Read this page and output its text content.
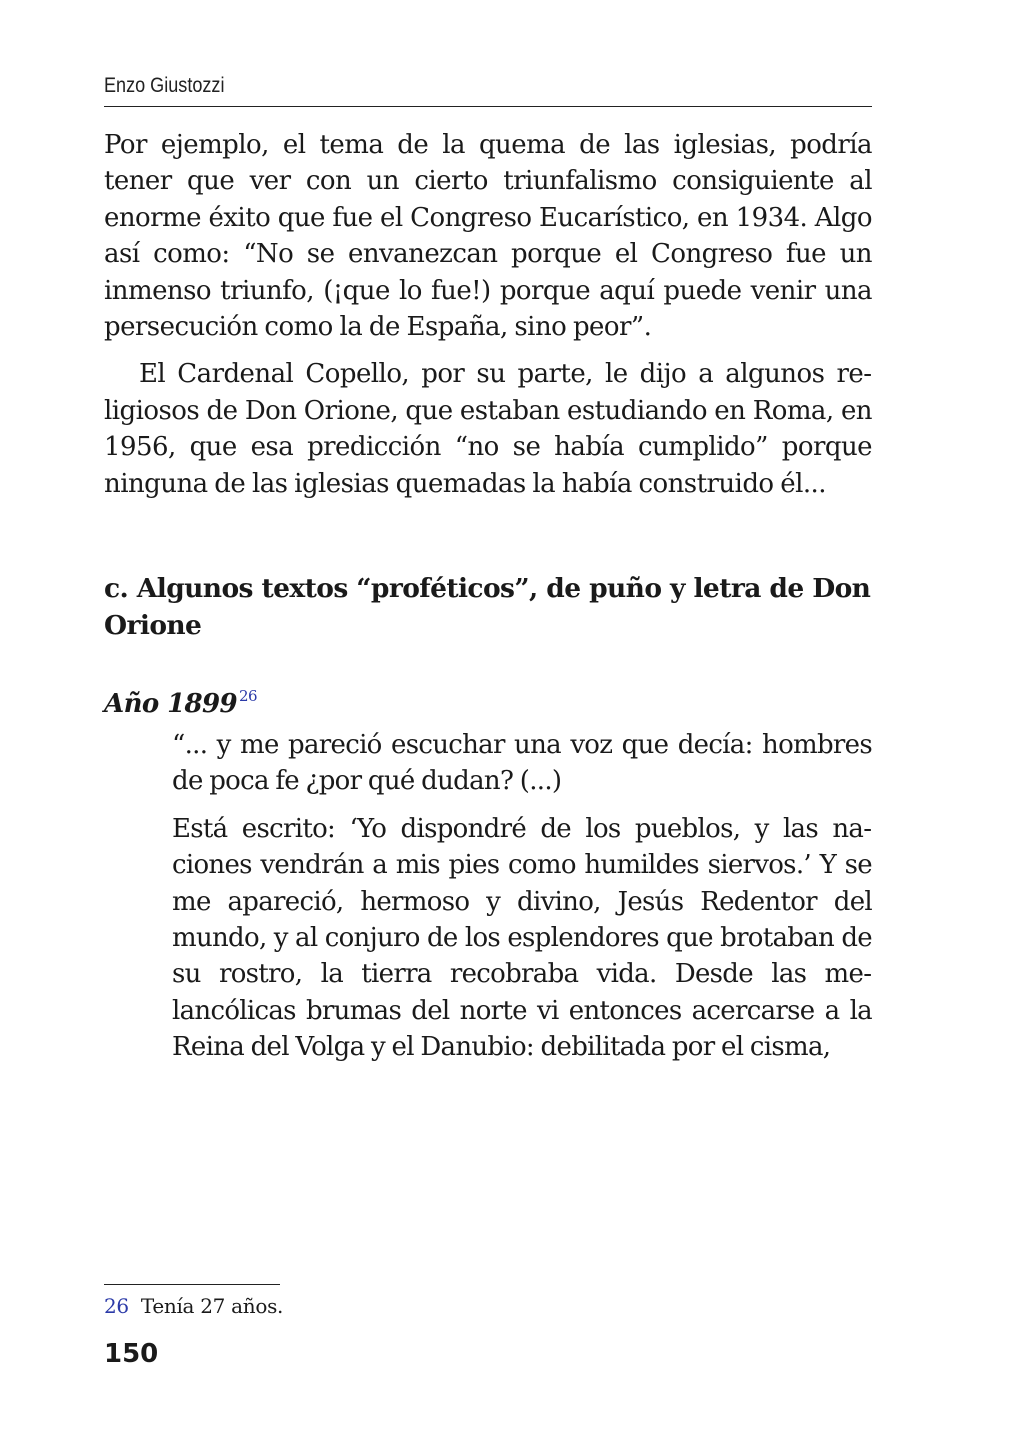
Enzo Giustozzi

Por ejemplo, el tema de la quema de las iglesias, podría tener que ver con un cierto triunfalismo consiguiente al enorme éxito que fue el Congreso Eucarístico, en 1934. Algo así como: “No se envanezcan porque el Congreso fue un inmenso triunfo, (¡que lo fue!) porque aquí puede venir una persecución como la de España, sino peor”.

El Cardenal Copello, por su parte, le dijo a algunos religiosos de Don Orione, que estaban estudiando en Roma, en 1956, que esa predicción “no se había cumplido” porque ninguna de las iglesias quemadas la había construido él...

c. Algunos textos “proféticos”, de puño y letra de Don Orione
Año 1899 $^{26}$

“... y me pareció escuchar una voz que decía: hombres de poca fe ¿por qué dudan? (...)

Está escrito: ‘Yo dispondré de los pueblos, y las naciones vendrán a mis pies como humildes siervos.’ Y se me apareció, hermoso y divino, Jesús Redentor del mundo, y al conjuro de los esplendores que brotaban de su rostro, la tierra recobraba vida. Desde las melancólicas brumas del norte vi entonces acercarse a la Reina del Volga y el Danubio: debilitada por el cisma,

26 Tenía 27 años.
150
